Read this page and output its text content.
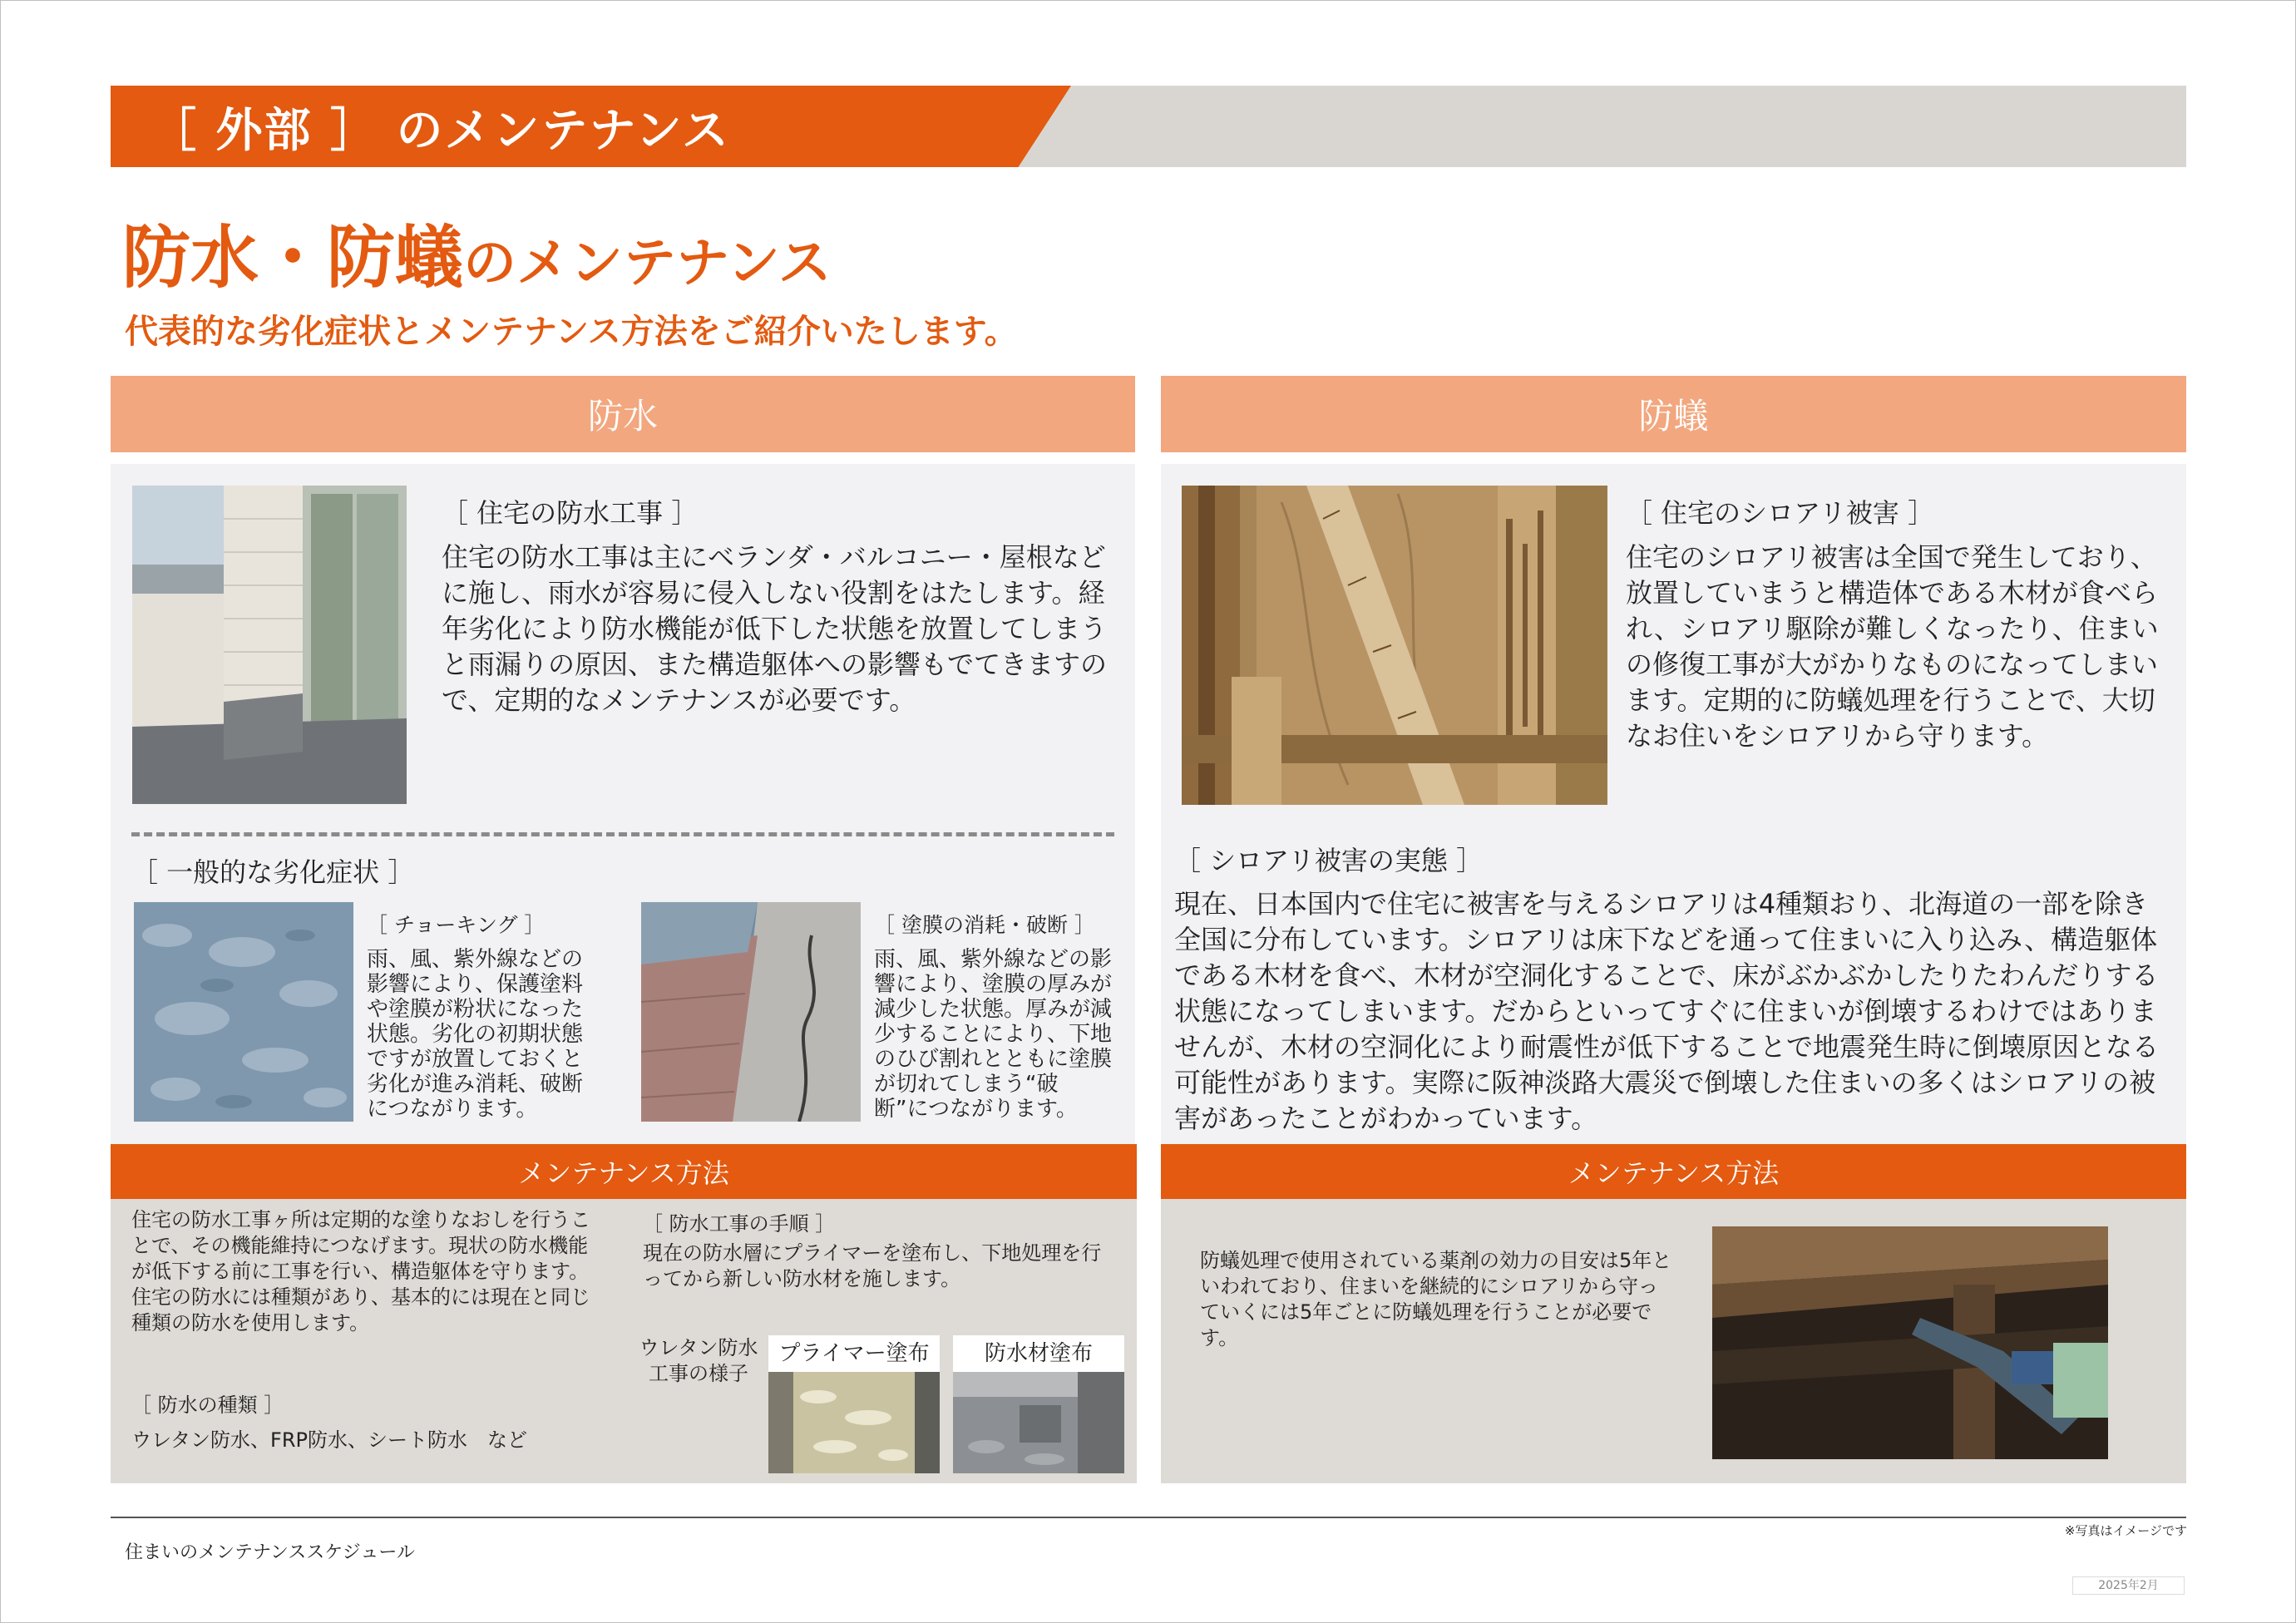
［ 外部 ］ のメンテナンス
防水・防蟻のメンテナンス
代表的な劣化症状とメンテナンス方法をご紹介いたします。
防水
［ 住宅の防水工事 ］
住宅の防水工事は主にベランダ・バルコニー・屋根などに施し、雨水が容易に侵入しない役割をはたします。経年劣化により防水機能が低下した状態を放置してしまうと雨漏りの原因、また構造躯体への影響もでてきますので、定期的なメンテナンスが必要です。
［ 一般的な劣化症状 ］
［ チョーキング ］
雨、風、紫外線などの影響により、保護塗料や塗膜が粉状になった状態。劣化の初期状態ですが放置しておくと劣化が進み消耗、破断につながります。
［ 塗膜の消耗・破断 ］
雨、風、紫外線などの影響により、塗膜の厚みが減少した状態。厚みが減少することにより、下地のひび割れとともに塗膜が切れてしまう“破断”につながります。
メンテナンス方法
住宅の防水工事ヶ所は定期的な塗りなおしを行うことで、その機能維持につなげます。現状の防水機能が低下する前に工事を行い、構造躯体を守ります。住宅の防水には種類があり、基本的には現在と同じ種類の防水を使用します。
［ 防水の種類 ］
ウレタン防水、FRP防水、シート防水　など
［ 防水工事の手順 ］
現在の防水層にプライマーを塗布し、下地処理を行ってから新しい防水材を施します。
ウレタン防水
工事の様子
プライマー塗布	防水材塗布
防蟻
［ 住宅のシロアリ被害 ］
住宅のシロアリ被害は全国で発生しており、放置していまうと構造体である木材が食べられ、シロアリ駆除が難しくなったり、住まいの修復工事が大がかりなものになってしまいます。定期的に防蟻処理を行うことで、大切なお住いをシロアリから守ります。
［ シロアリ被害の実態 ］
現在、日本国内で住宅に被害を与えるシロアリは4種類おり、北海道の一部を除き全国に分布しています。シロアリは床下などを通って住まいに入り込み、構造躯体である木材を食べ、木材が空洞化することで、床がぶかぶかしたりたわんだりする状態になってしまいます。だからといってすぐに住まいが倒壊するわけではありませんが、木材の空洞化により耐震性が低下することで地震発生時に倒壊原因となる可能性があります。実際に阪神淡路大震災で倒壊した住まいの多くはシロアリの被害があったことがわかっています。
メンテナンス方法
防蟻処理で使用されている薬剤の効力の目安は5年といわれており、住まいを継続的にシロアリから守っていくには5年ごとに防蟻処理を行うことが必要です。
住まいのメンテナンススケジュール
※写真はイメージです
2025年2月
